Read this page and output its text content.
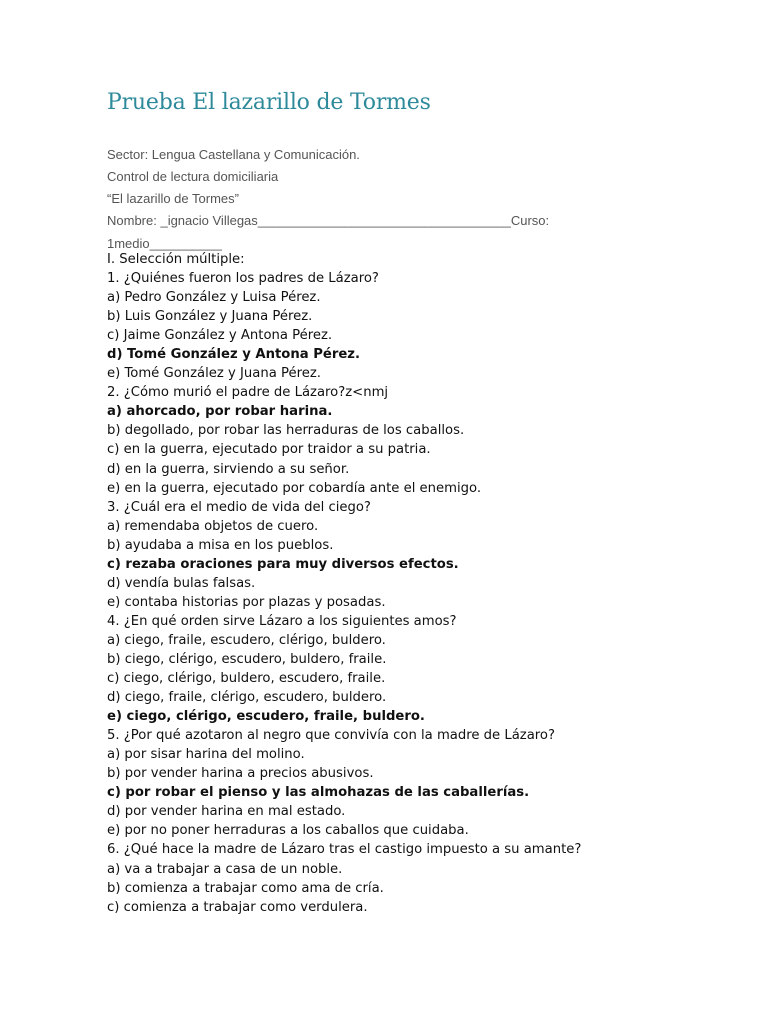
Prueba El lazarillo de Tormes
Sector: Lengua Castellana y Comunicación.
Control de lectura domiciliaria
“El lazarillo de Tormes”
Nombre: _ignacio Villegas___________________________________Curso:
1medio__________
I. Selección múltiple:
1. ¿Quiénes fueron los padres de Lázaro?
a) Pedro González y Luisa Pérez.
b) Luis González y Juana Pérez.
c) Jaime González y Antona Pérez.
d) Tomé González y Antona Pérez.
e) Tomé González y Juana Pérez.
2. ¿Cómo murió el padre de Lázaro?z<nmj
a) ahorcado, por robar harina.
b) degollado, por robar las herraduras de los caballos.
c) en la guerra, ejecutado por traidor a su patria.
d) en la guerra, sirviendo a su señor.
e) en la guerra, ejecutado por cobardía ante el enemigo.
3. ¿Cuál era el medio de vida del ciego?
a) remendaba objetos de cuero.
b) ayudaba a misa en los pueblos.
c) rezaba oraciones para muy diversos efectos.
d) vendía bulas falsas.
e) contaba historias por plazas y posadas.
4. ¿En qué orden sirve Lázaro a los siguientes amos?
a) ciego, fraile, escudero, clérigo, buldero.
b) ciego, clérigo, escudero, buldero, fraile.
c) ciego, clérigo, buldero, escudero, fraile.
d) ciego, fraile, clérigo, escudero, buldero.
e) ciego, clérigo, escudero, fraile, buldero.
5. ¿Por qué azotaron al negro que convivía con la madre de Lázaro?
a) por sisar harina del molino.
b) por vender harina a precios abusivos.
c) por robar el pienso y las almohazas de las caballerías.
d) por vender harina en mal estado.
e) por no poner herraduras a los caballos que cuidaba.
6. ¿Qué hace la madre de Lázaro tras el castigo impuesto a su amante?
a) va a trabajar a casa de un noble.
b) comienza a trabajar como ama de cría.
c) comienza a trabajar como verdulera.
